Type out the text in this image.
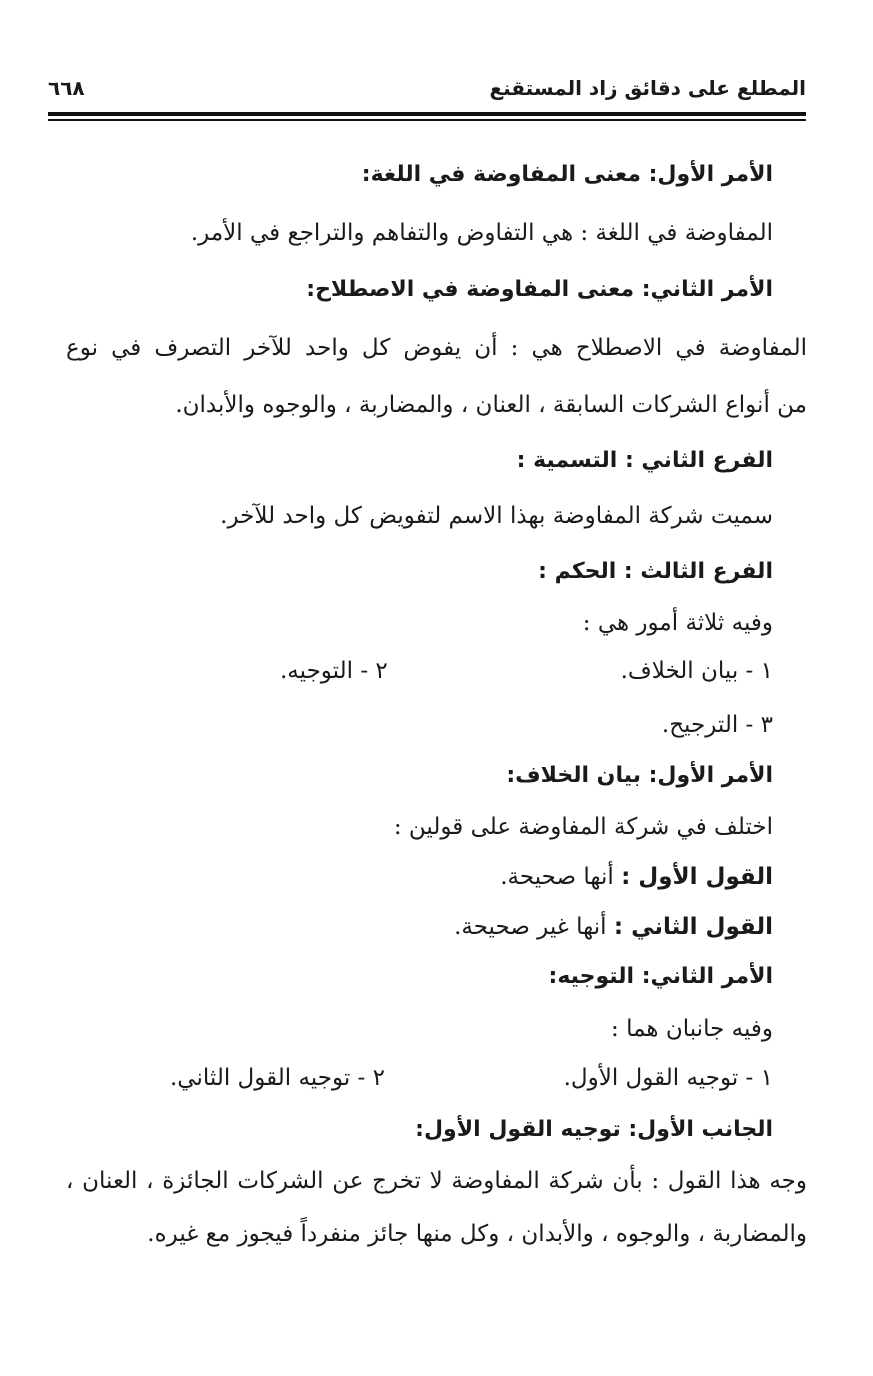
المطلع على دقائق زاد المستقنع
٦٦٨
الأمر الأول: معنى المفاوضة في اللغة:
المفاوضة في اللغة : هي التفاوض والتفاهم والتراجع في الأمر.
الأمر الثاني: معنى المفاوضة في الاصطلاح:
المفاوضة في الاصطلاح هي : أن يفوض كل واحد للآخر التصرف في نوع
من أنواع الشركات السابقة ، العنان ، والمضاربة ، والوجوه والأبدان.
الفرع الثاني : التسمية :
سميت شركة المفاوضة بهذا الاسم لتفويض كل واحد للآخر.
الفرع الثالث : الحكم :
وفيه ثلاثة أمور هي :
١ - بيان الخلاف.
٢ - التوجيه.
٣ - الترجيح.
الأمر الأول: بيان الخلاف:
اختلف في شركة المفاوضة على قولين :
القول الأول : أنها صحيحة.
القول الثاني : أنها غير صحيحة.
الأمر الثاني: التوجيه:
وفيه جانبان هما :
١ - توجيه القول الأول.
٢ - توجيه القول الثاني.
الجانب الأول: توجيه القول الأول:
وجه هذا القول : بأن شركة المفاوضة لا تخرج عن الشركات الجائزة ، العنان ،
والمضاربة ، والوجوه ، والأبدان ، وكل منها جائز منفرداً فيجوز مع غيره.
